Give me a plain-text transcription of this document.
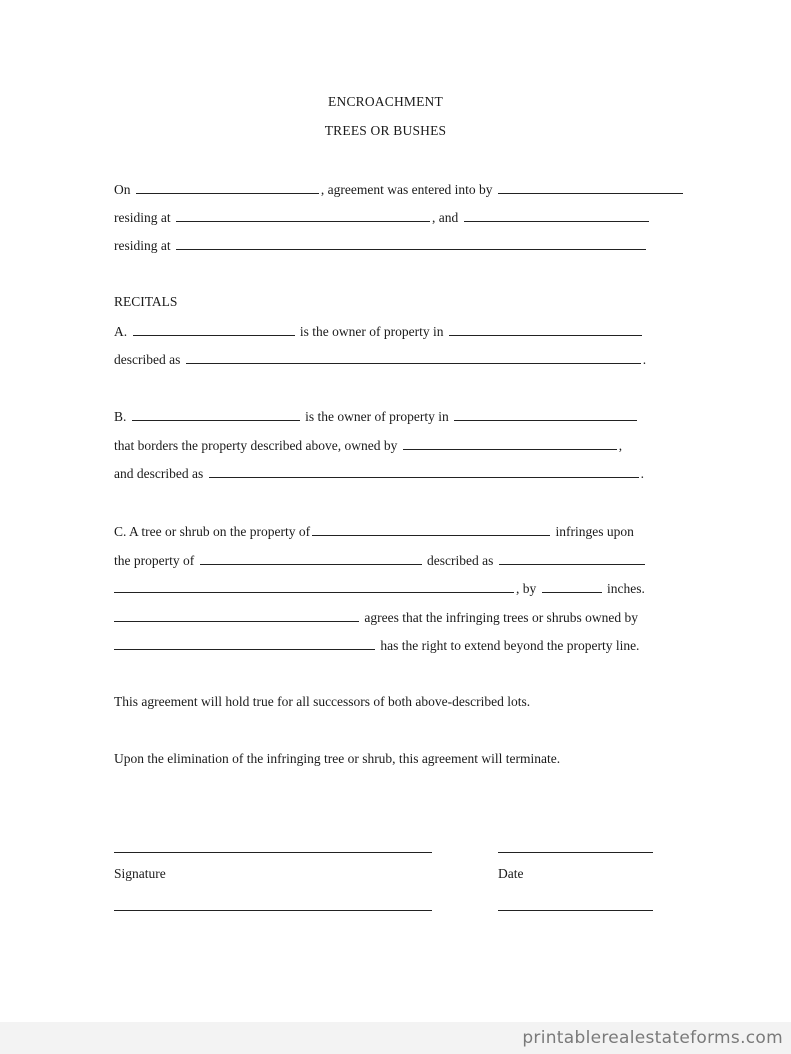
ENCROACHMENT
TREES OR BUSHES
On	, agreement was entered into by
residing at	, and
residing at
RECITALS
A.	is the owner of property in
described as	.
B.	is the owner of property in
that borders the property described above, owned by	,
and described as	.
C. A tree or shrub on the property of	infringes upon
the property of	described as
, by	inches.
agrees that the infringing trees or shrubs owned by
has the right to extend beyond the property line.
This agreement will hold true for all successors of both above-described lots.
Upon the elimination of the infringing tree or shrub, this agreement will terminate.
Signature	Date
printablerealestateforms.com
